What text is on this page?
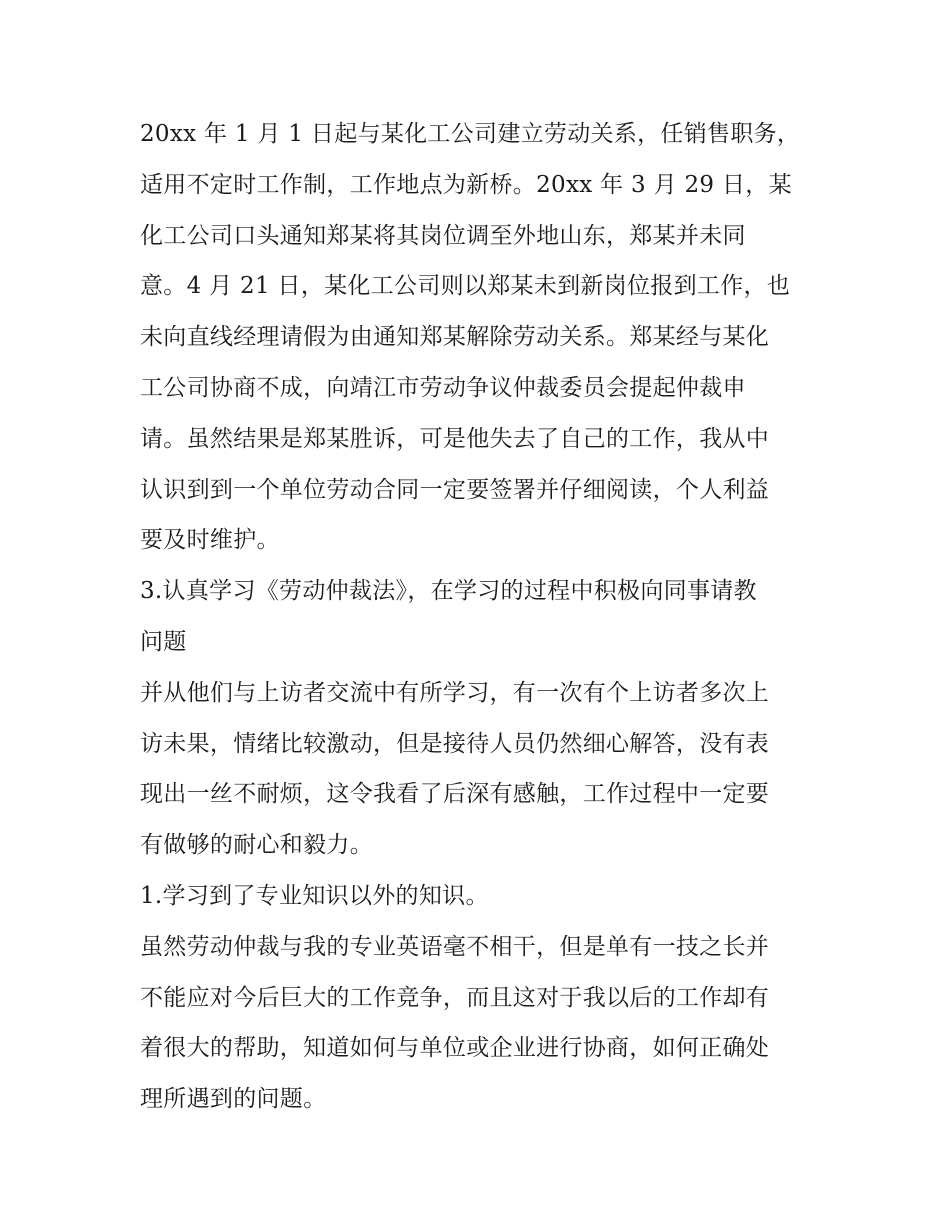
20xx 年 1 月 1 日起与某化工公司建立劳动关系，任销售职务，
适用不定时工作制，工作地点为新桥。20xx 年 3 月 29 日，某
化工公司口头通知郑某将其岗位调至外地山东，郑某并未同
意。4 月 21 日，某化工公司则以郑某未到新岗位报到工作，也
未向直线经理请假为由通知郑某解除劳动关系。郑某经与某化
工公司协商不成，向靖江市劳动争议仲裁委员会提起仲裁申
请。虽然结果是郑某胜诉，可是他失去了自己的工作，我从中
认识到到一个单位劳动合同一定要签署并仔细阅读，个人利益
要及时维护。
3.认真学习《劳动仲裁法》，在学习的过程中积极向同事请教
问题
并从他们与上访者交流中有所学习，有一次有个上访者多次上
访未果，情绪比较激动，但是接待人员仍然细心解答，没有表
现出一丝不耐烦，这令我看了后深有感触，工作过程中一定要
有做够的耐心和毅力。
1.学习到了专业知识以外的知识。
虽然劳动仲裁与我的专业英语毫不相干，但是单有一技之长并
不能应对今后巨大的工作竞争，而且这对于我以后的工作却有
着很大的帮助，知道如何与单位或企业进行协商，如何正确处
理所遇到的问题。
